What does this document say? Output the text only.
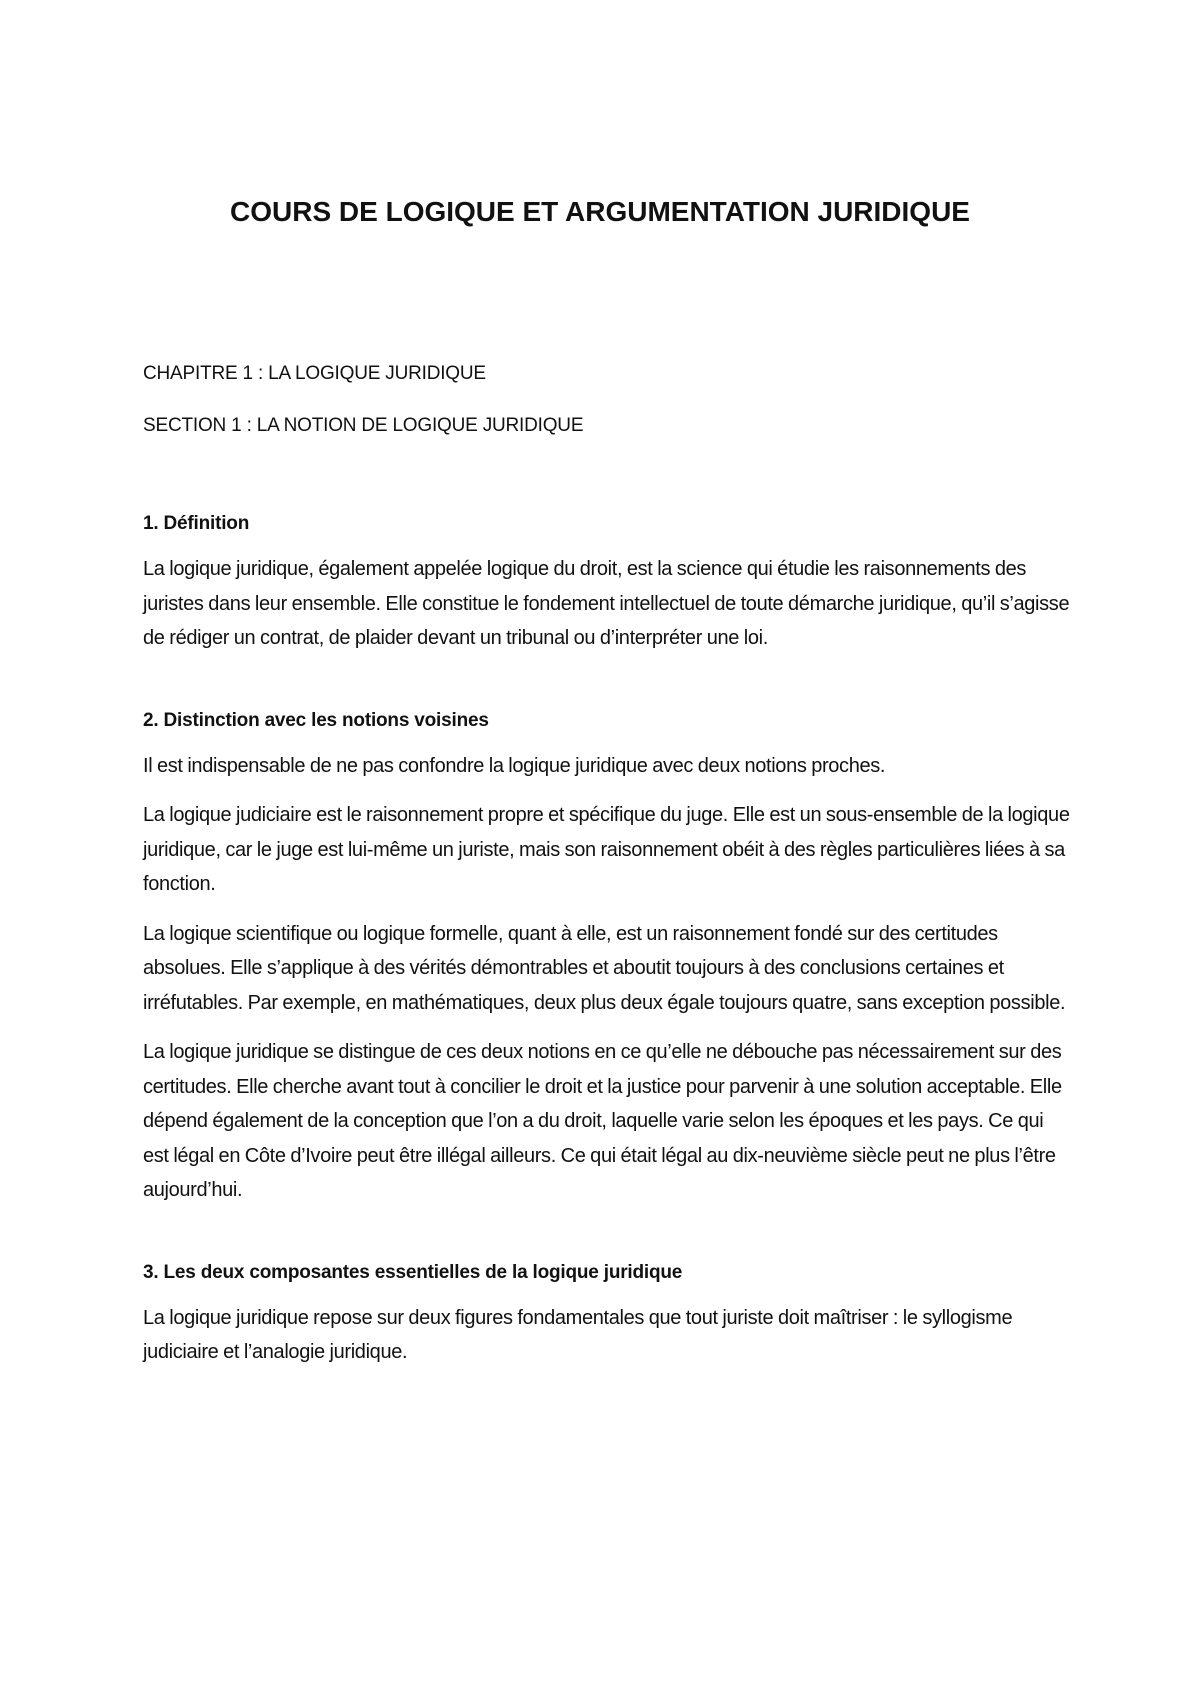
COURS DE LOGIQUE ET ARGUMENTATION JURIDIQUE

CHAPITRE 1 : LA LOGIQUE JURIDIQUE

SECTION 1 : LA NOTION DE LOGIQUE JURIDIQUE

1. Définition

La logique juridique, également appelée logique du droit, est la science qui étudie les raisonnements des juristes dans leur ensemble. Elle constitue le fondement intellectuel de toute démarche juridique, qu’il s’agisse de rédiger un contrat, de plaider devant un tribunal ou d’interpréter une loi.

2. Distinction avec les notions voisines

Il est indispensable de ne pas confondre la logique juridique avec deux notions proches.

La logique judiciaire est le raisonnement propre et spécifique du juge. Elle est un sous-ensemble de la logique juridique, car le juge est lui-même un juriste, mais son raisonnement obéit à des règles particulières liées à sa fonction.

La logique scientifique ou logique formelle, quant à elle, est un raisonnement fondé sur des certitudes absolues. Elle s’applique à des vérités démontrables et aboutit toujours à des conclusions certaines et irréfutables. Par exemple, en mathématiques, deux plus deux égale toujours quatre, sans exception possible.

La logique juridique se distingue de ces deux notions en ce qu’elle ne débouche pas nécessairement sur des certitudes. Elle cherche avant tout à concilier le droit et la justice pour parvenir à une solution acceptable. Elle dépend également de la conception que l’on a du droit, laquelle varie selon les époques et les pays. Ce qui est légal en Côte d’Ivoire peut être illégal ailleurs. Ce qui était légal au dix-neuvième siècle peut ne plus l’être aujourd’hui.

3. Les deux composantes essentielles de la logique juridique

La logique juridique repose sur deux figures fondamentales que tout juriste doit maîtriser : le syllogisme judiciaire et l’analogie juridique.
